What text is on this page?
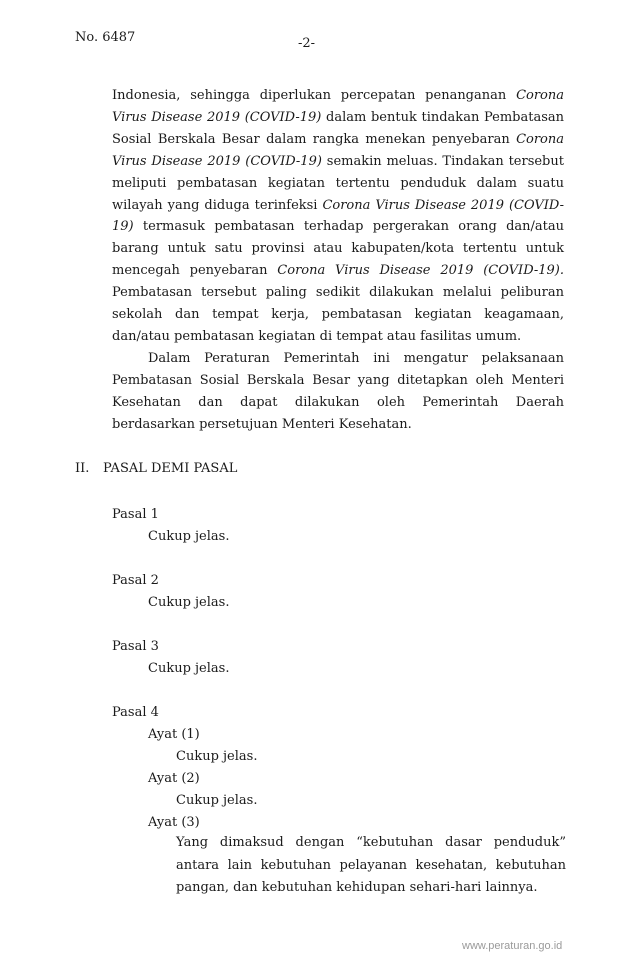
No. 6487	-2-

Indonesia, sehingga diperlukan percepatan penanganan Corona Virus Disease 2019 (COVID-19) dalam bentuk tindakan Pembatasan Sosial Berskala Besar dalam rangka menekan penyebaran Corona Virus Disease 2019 (COVID-19) semakin meluas. Tindakan tersebut meliputi pembatasan kegiatan tertentu penduduk dalam suatu wilayah yang diduga terinfeksi Corona Virus Disease 2019 (COVID-19) termasuk pembatasan terhadap pergerakan orang dan/atau barang untuk satu provinsi atau kabupaten/kota tertentu untuk mencegah penyebaran Corona Virus Disease 2019 (COVID-19). Pembatasan tersebut paling sedikit dilakukan melalui peliburan sekolah dan tempat kerja, pembatasan kegiatan keagamaan, dan/atau pembatasan kegiatan di tempat atau fasilitas umum.

Dalam Peraturan Pemerintah ini mengatur pelaksanaan Pembatasan Sosial Berskala Besar yang ditetapkan oleh Menteri Kesehatan dan dapat dilakukan oleh Pemerintah Daerah berdasarkan persetujuan Menteri Kesehatan.

II. PASAL DEMI PASAL
Pasal 1
Cukup jelas.
Pasal 2
Cukup jelas.
Pasal 3
Cukup jelas.
Pasal 4
Ayat (1)
Cukup jelas.
Ayat (2)
Cukup jelas.
Ayat (3)

Yang dimaksud dengan “kebutuhan dasar penduduk” antara lain kebutuhan pelayanan kesehatan, kebutuhan pangan, dan kebutuhan kehidupan sehari-hari lainnya.

www.peraturan.go.id
